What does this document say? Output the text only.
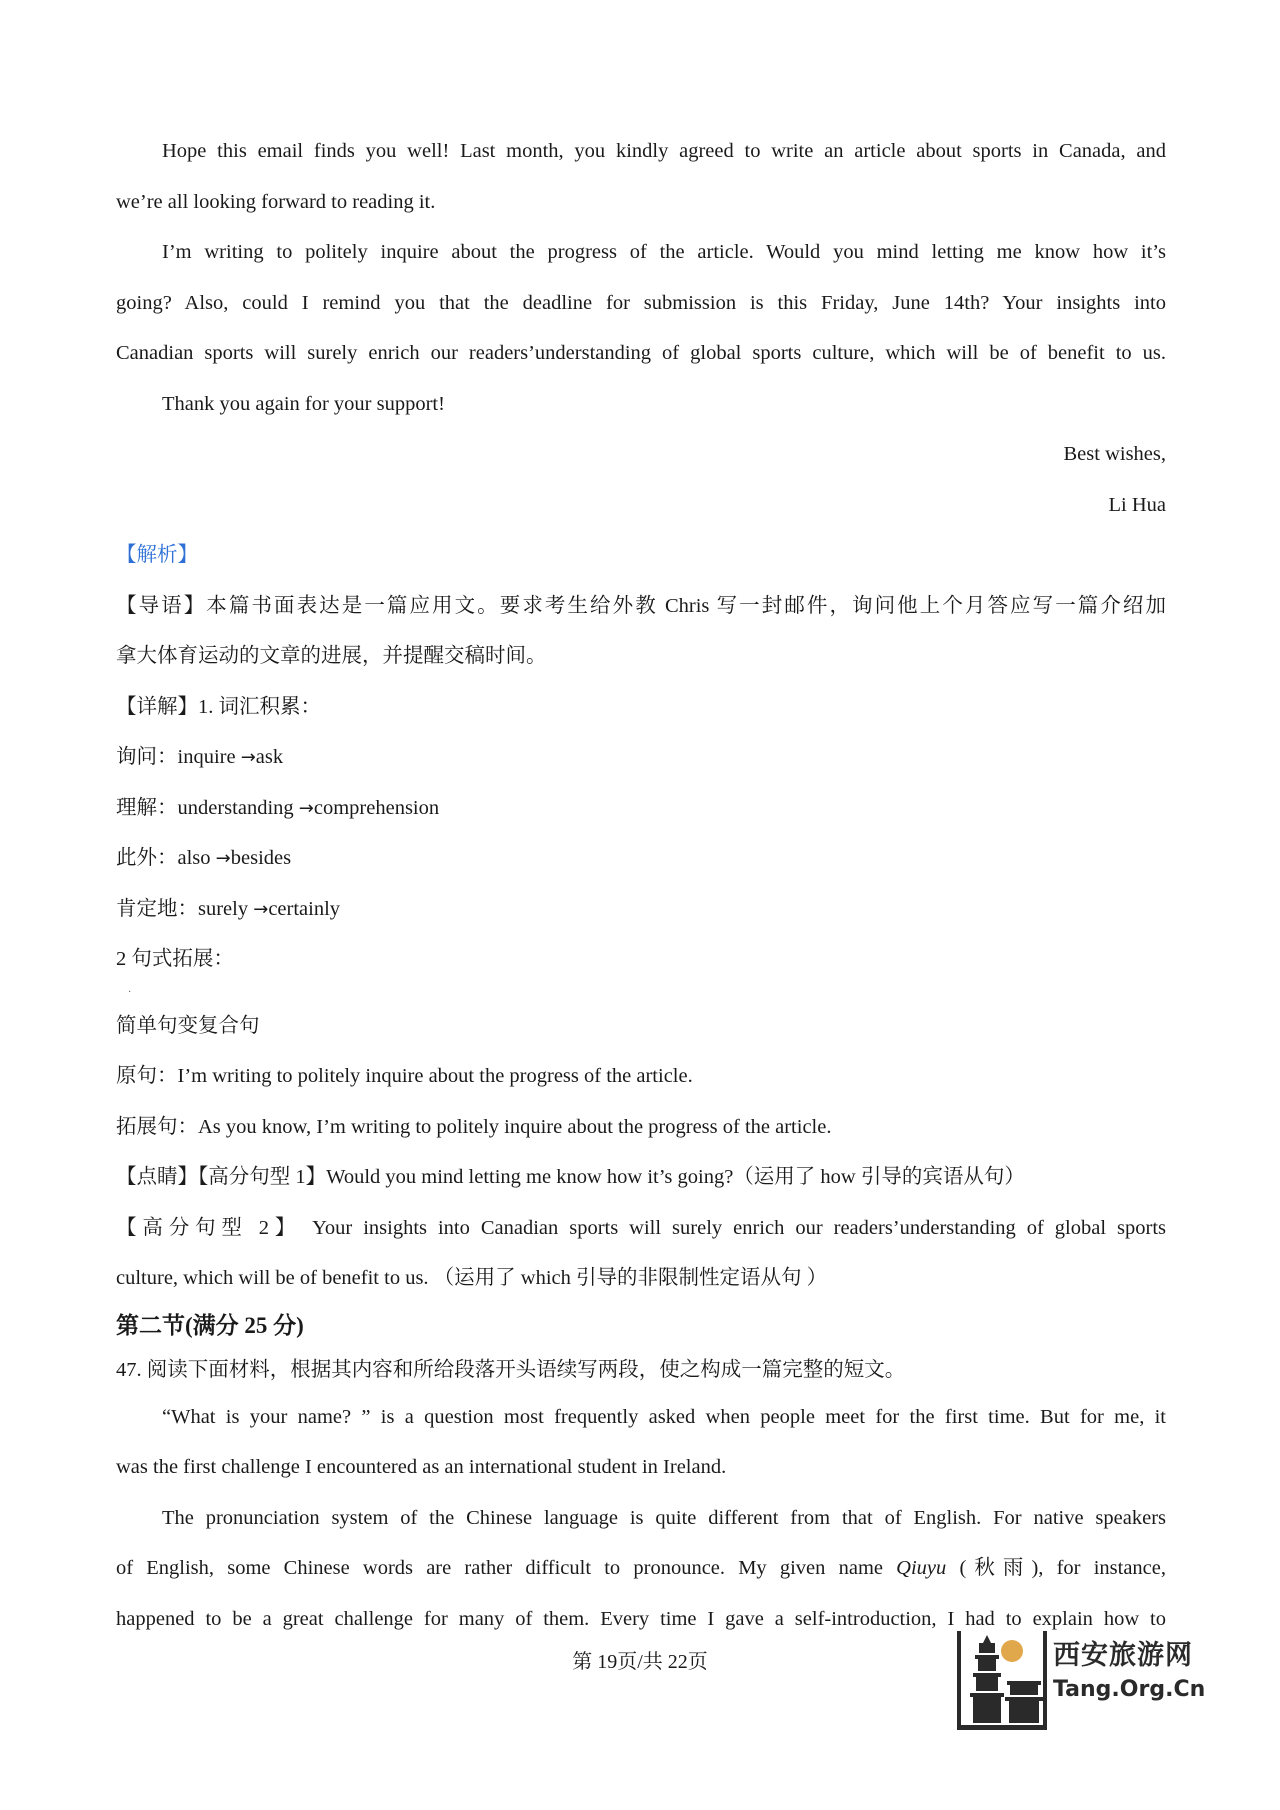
Hope this email finds you well! Last month, you kindly agreed to write an article about sports in Canada, and
we’re all looking forward to reading it.
I’m writing to politely inquire about the progress of the article. Would you mind letting me know how it’s
going? Also, could I remind you that the deadline for submission is this Friday, June 14th? Your insights into
Canadian sports will surely enrich our readers’understanding of global sports culture, which will be of benefit to us.
Thank you again for your support!
Best wishes,
Li Hua
【解析】
【导语】本篇书面表达是一篇应用文。要求考生给外教 Chris 写一封邮件，询问他上个月答应写一篇介绍加
拿大体育运动的文章的进展，并提醒交稿时间。
【详解】1. 词汇积累：
询问：inquire →ask
理解：understanding →comprehension
此外：also →besides
肯定地：surely →certainly
2 句式拓展：
·
简单句变复合句
原句：I’m writing to politely inquire about the progress of the article.
拓展句：As you know, I’m writing to politely inquire about the progress of the article.
【点睛】【高分句型 1】Would you mind letting me know how it’s going?（运用了 how 引导的宾语从句）
【高分句型 2】 Your insights into Canadian sports will surely enrich our readers’understanding of global sports
culture, which will be of benefit to us. （运用了 which 引导的非限制性定语从句 ）
第二节(满分 25 分)
47. 阅读下面材料，根据其内容和所给段落开头语续写两段，使之构成一篇完整的短文。
“What is your name? ” is a question most frequently asked when people meet for the first time. But for me, it
was the first challenge I encountered as an international student in Ireland.
The pronunciation system of the Chinese language is quite different from that of English. For native speakers
of English, some Chinese words are rather difficult to pronounce. My given name Qiuyu (秋雨), for instance,
happened to be a great challenge for many of them. Every time I gave a self-introduction, I had to explain how to
第 19页/共 22页	西安旅游网
Tang.Org.Cn
